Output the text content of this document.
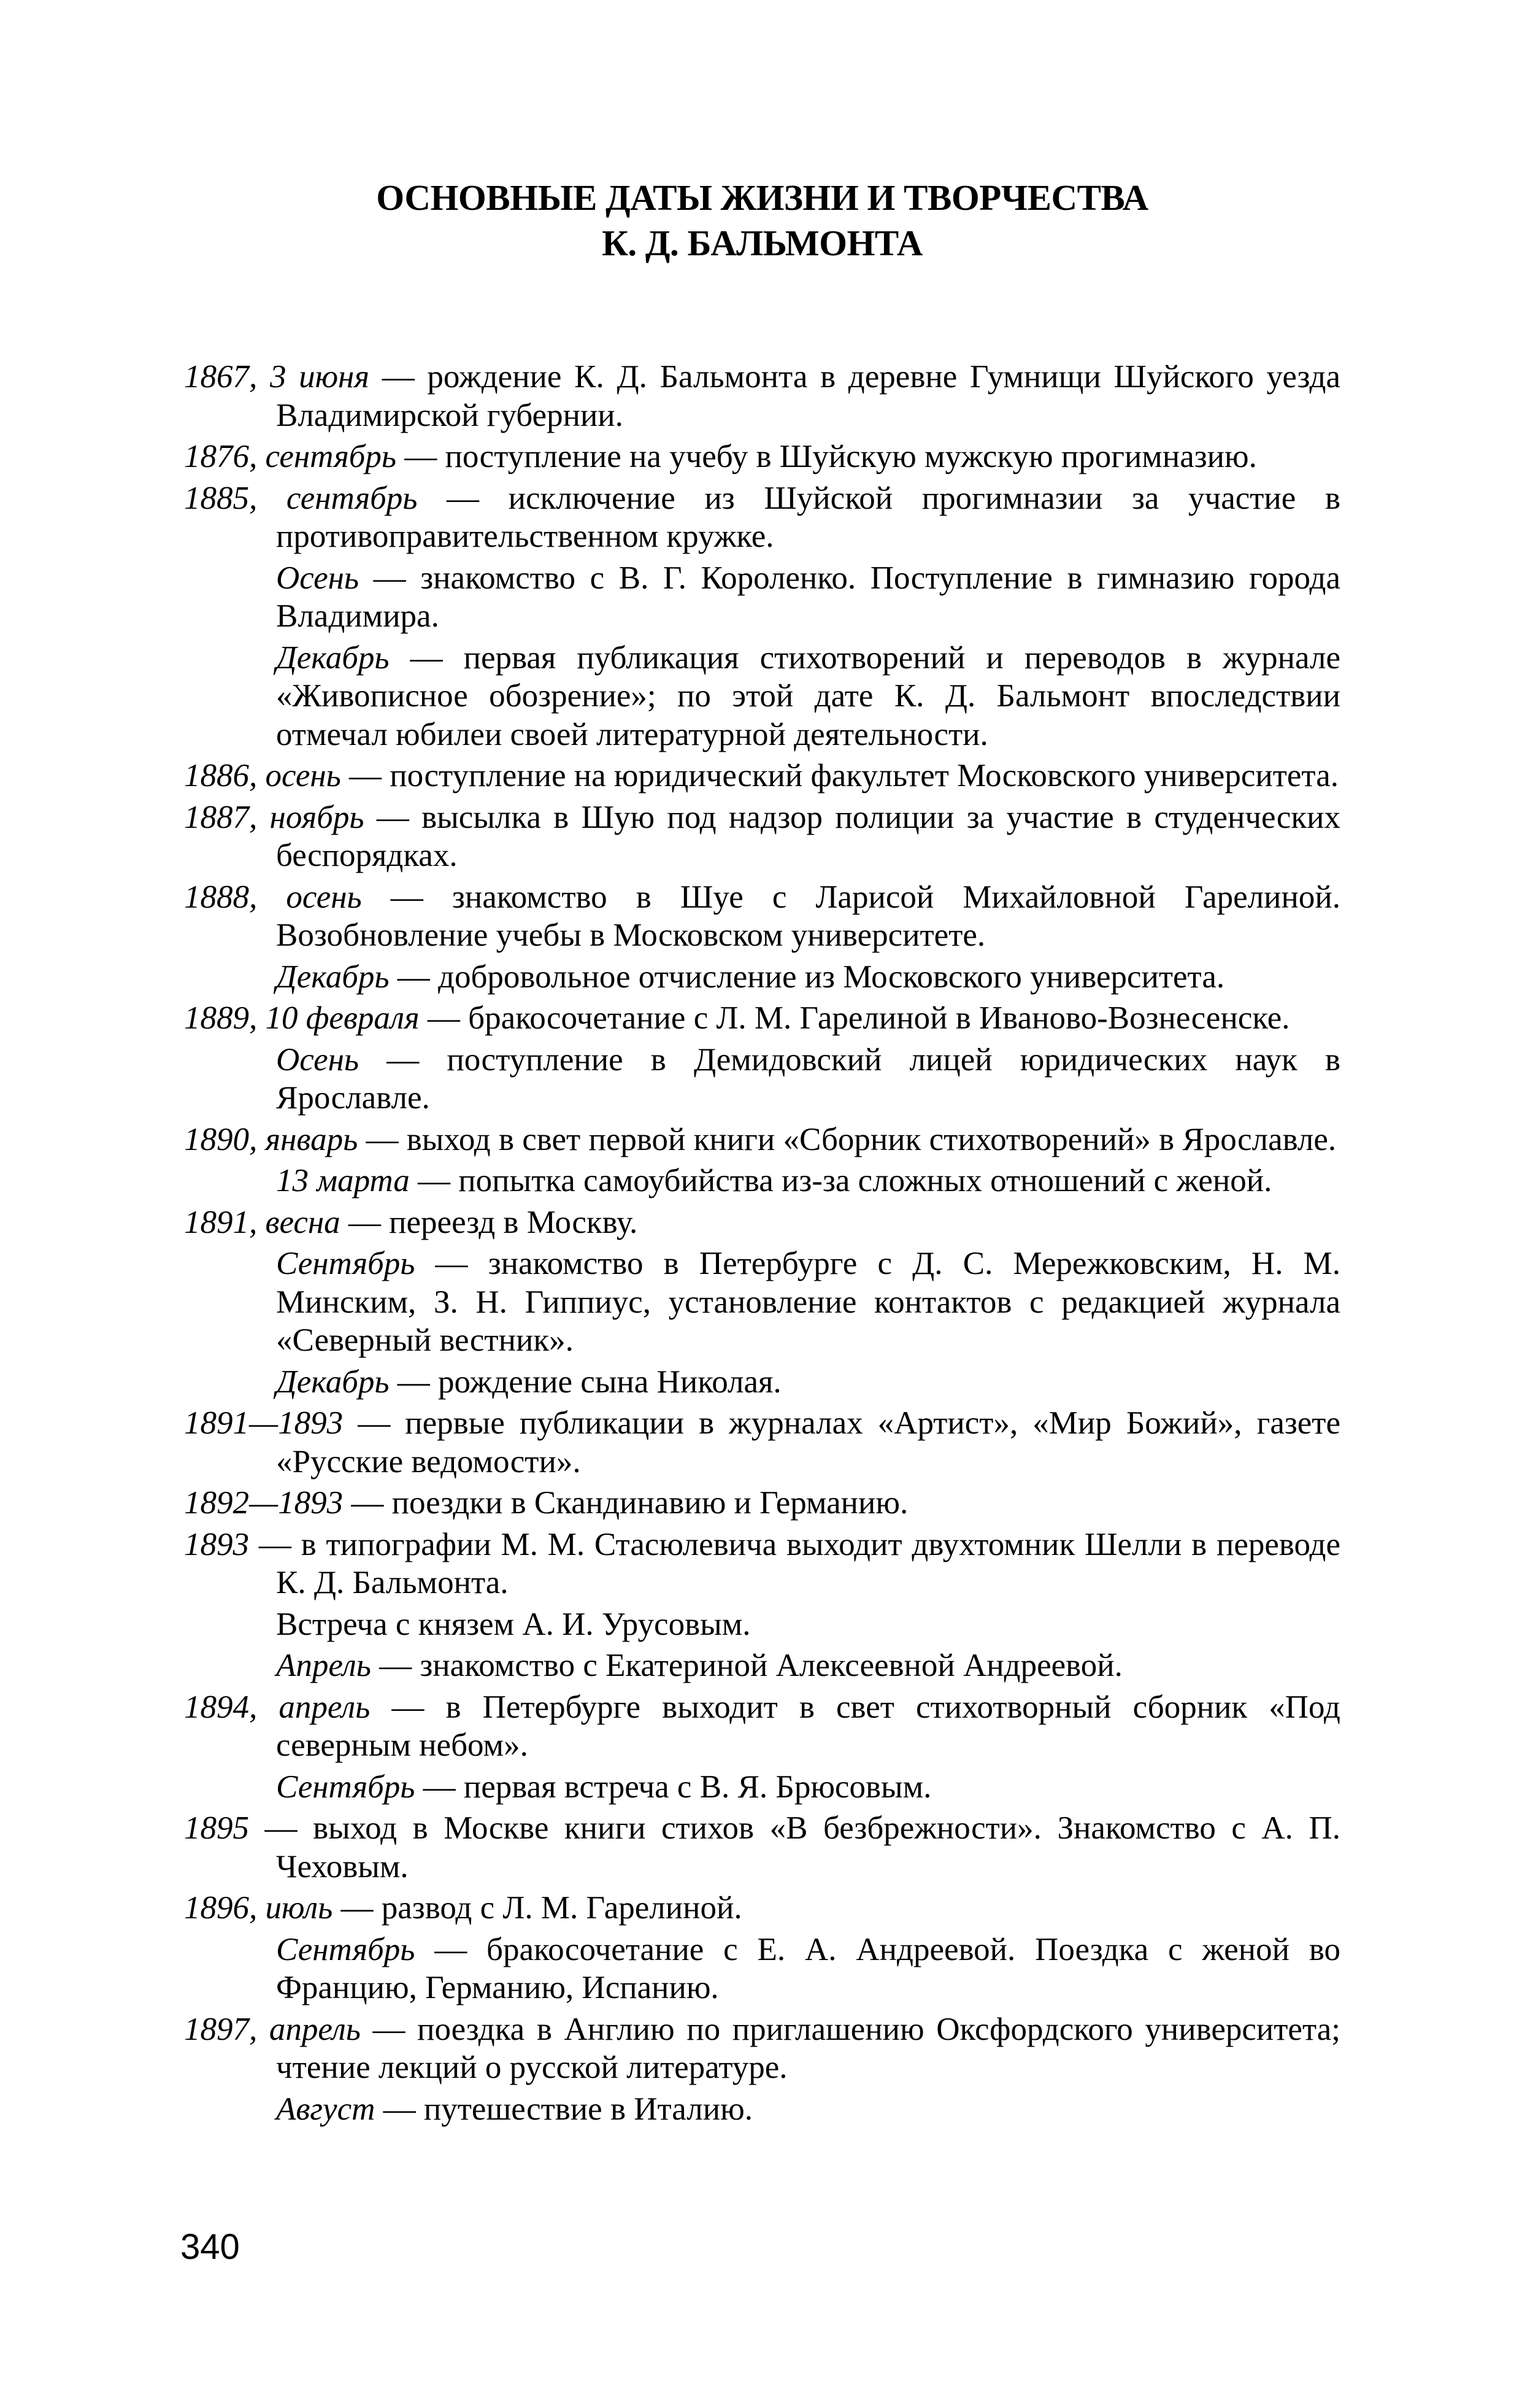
ОСНОВНЫЕ ДАТЫ ЖИЗНИ И ТВОРЧЕСТВА
К. Д. БАЛЬМОНТА

1867, 3 июня — рождение К. Д. Бальмонта в деревне Гумнищи Шуйского уезда Владимирской губернии.

1876, сентябрь — поступление на учебу в Шуйскую мужскую прогимназию.

1885, сентябрь — исключение из Шуйской прогимназии за участие в противоправительственном кружке.

Осень — знакомство с В. Г. Короленко. Поступление в гимназию города Владимира.

Декабрь — первая публикация стихотворений и переводов в журнале «Живописное обозрение»; по этой дате К. Д. Бальмонт впоследствии отмечал юбилеи своей литературной деятельности.

1886, осень — поступление на юридический факультет Московского университета.

1887, ноябрь — высылка в Шую под надзор полиции за участие в студенческих беспорядках.

1888, осень — знакомство в Шуе с Ларисой Михайловной Гарелиной. Возобновление учебы в Московском университете.

Декабрь — добровольное отчисление из Московского университета.

1889, 10 февраля — бракосочетание с Л. М. Гарелиной в Иваново-Вознесенске.

Осень — поступление в Демидовский лицей юридических наук в Ярославле.

1890, январь — выход в свет первой книги «Сборник стихотворений» в Ярославле.

13 марта — попытка самоубийства из-за сложных отношений с женой.

1891, весна — переезд в Москву.

Сентябрь — знакомство в Петербурге с Д. С. Мережковским, Н. М. Минским, З. Н. Гиппиус, установление контактов с редакцией журнала «Северный вестник».

Декабрь — рождение сына Николая.

1891—1893 — первые публикации в журналах «Артист», «Мир Божий», газете «Русские ведомости».

1892—1893 — поездки в Скандинавию и Германию.

1893 — в типографии М. М. Стасюлевича выходит двухтомник Шелли в переводе К. Д. Бальмонта.

Встреча с князем А. И. Урусовым.

Апрель — знакомство с Екатериной Алексеевной Андреевой.

1894, апрель — в Петербурге выходит в свет стихотворный сборник «Под северным небом».

Сентябрь — первая встреча с В. Я. Брюсовым.

1895 — выход в Москве книги стихов «В безбрежности». Знакомство с А. П. Чеховым.

1896, июль — развод с Л. М. Гарелиной.

Сентябрь — бракосочетание с Е. А. Андреевой. Поездка с женой во Францию, Германию, Испанию.

1897, апрель — поездка в Англию по приглашению Оксфордского университета; чтение лекций о русской литературе.

Август — путешествие в Италию.

340
